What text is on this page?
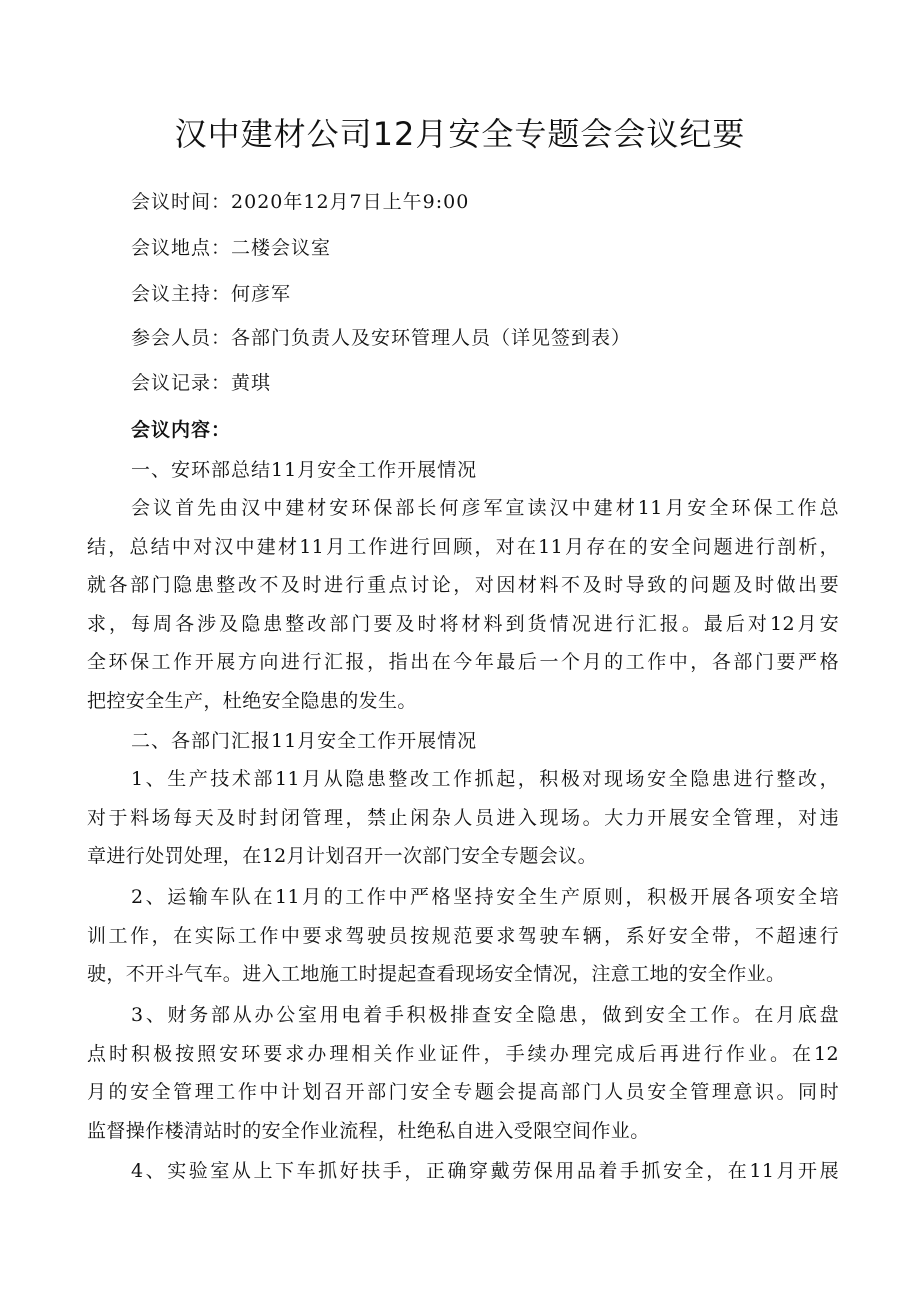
汉中建材公司12月安全专题会会议纪要
会议时间：2020年12月7日上午9:00
会议地点：二楼会议室
会议主持：何彦军
参会人员：各部门负责人及安环管理人员（详见签到表）
会议记录：黄琪
会议内容：
一、安环部总结11月安全工作开展情况
会议首先由汉中建材安环保部长何彦军宣读汉中建材11月安全环保工作总
结，总结中对汉中建材11月工作进行回顾，对在11月存在的安全问题进行剖析，
就各部门隐患整改不及时进行重点讨论，对因材料不及时导致的问题及时做出要
求，每周各涉及隐患整改部门要及时将材料到货情况进行汇报。最后对12月安
全环保工作开展方向进行汇报，指出在今年最后一个月的工作中，各部门要严格
把控安全生产，杜绝安全隐患的发生。
二、各部门汇报11月安全工作开展情况
1、生产技术部11月从隐患整改工作抓起，积极对现场安全隐患进行整改，
对于料场每天及时封闭管理，禁止闲杂人员进入现场。大力开展安全管理，对违
章进行处罚处理，在12月计划召开一次部门安全专题会议。
2、运输车队在11月的工作中严格坚持安全生产原则，积极开展各项安全培
训工作，在实际工作中要求驾驶员按规范要求驾驶车辆，系好安全带，不超速行
驶，不开斗气车。进入工地施工时提起查看现场安全情况，注意工地的安全作业。
3、财务部从办公室用电着手积极排查安全隐患，做到安全工作。在月底盘
点时积极按照安环要求办理相关作业证件，手续办理完成后再进行作业。在12
月的安全管理工作中计划召开部门安全专题会提高部门人员安全管理意识。同时
监督操作楼清站时的安全作业流程，杜绝私自进入受限空间作业。
4、实验室从上下车抓好扶手，正确穿戴劳保用品着手抓安全，在11月开展
